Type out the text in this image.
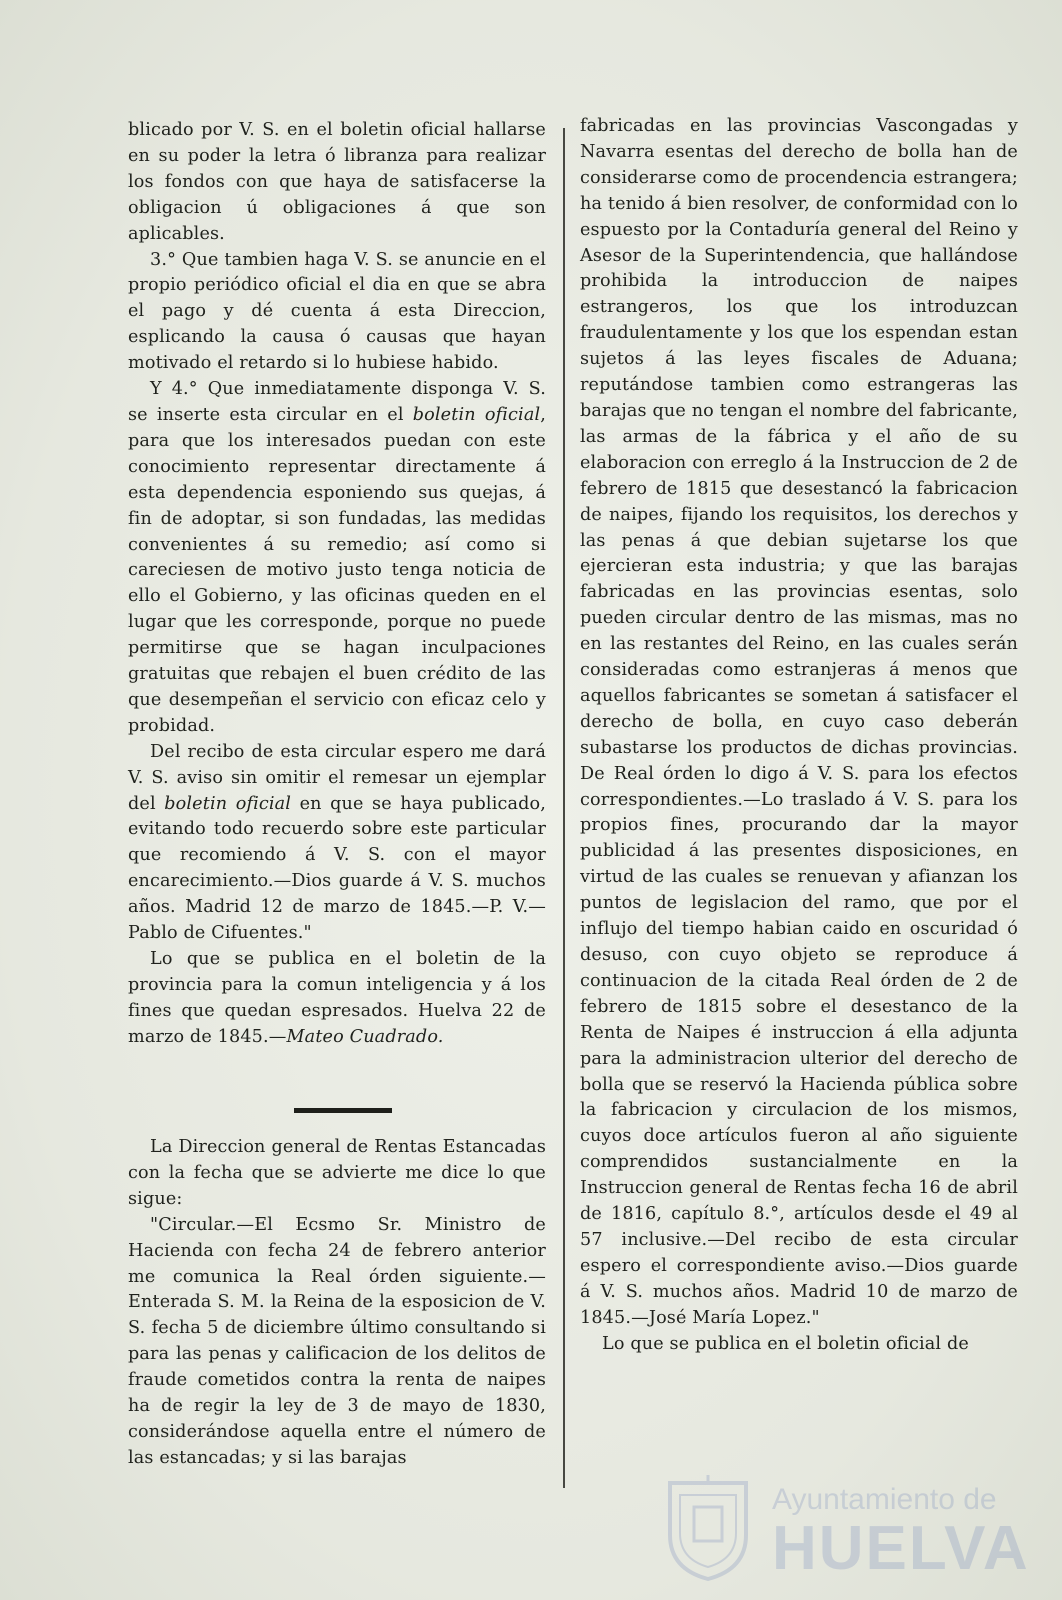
blicado por V. S. en el boletin oficial hallarse en su poder la letra ó libranza para realizar los fondos con que haya de satisfacerse la obligacion ú obligaciones á que son aplicables.

3.° Que tambien haga V. S. se anuncie en el propio periódico oficial el dia en que se abra el pago y dé cuenta á esta Direccion, esplicando la causa ó causas que hayan motivado el retardo si lo hubiese habido.

Y 4.° Que inmediatamente disponga V. S. se inserte esta circular en el boletin oficial, para que los interesados puedan con este conocimiento representar directamente á esta dependencia esponiendo sus quejas, á fin de adoptar, si son fundadas, las medidas convenientes á su remedio; así como si careciesen de motivo justo tenga noticia de ello el Gobierno, y las oficinas queden en el lugar que les corresponde, porque no puede permitirse que se hagan inculpaciones gratuitas que rebajen el buen crédito de las que desempeñan el servicio con eficaz celo y probidad.

Del recibo de esta circular espero me dará V. S. aviso sin omitir el remesar un ejemplar del boletin oficial en que se haya publicado, evitando todo recuerdo sobre este particular que recomiendo á V. S. con el mayor encarecimiento.—Dios guarde á V. S. muchos años. Madrid 12 de marzo de 1845.—P. V.—Pablo de Cifuentes."

Lo que se publica en el boletin de la provincia para la comun inteligencia y á los fines que quedan espresados. Huelva 22 de marzo de 1845.—Mateo Cuadrado.

La Direccion general de Rentas Estancadas con la fecha que se advierte me dice lo que sigue:

"Circular.—El Ecsmo Sr. Ministro de Hacienda con fecha 24 de febrero anterior me comunica la Real órden siguiente.—Enterada S. M. la Reina de la esposicion de V. S. fecha 5 de diciembre último consultando si para las penas y calificacion de los delitos de fraude cometidos contra la renta de naipes ha de regir la ley de 3 de mayo de 1830, considerándose aquella entre el número de las estancadas; y si las barajas

fabricadas en las provincias Vascongadas y Navarra esentas del derecho de bolla han de considerarse como de procendencia estrangera; ha tenido á bien resolver, de conformidad con lo espuesto por la Contaduría general del Reino y Asesor de la Superintendencia, que hallándose prohibida la introduccion de naipes estrangeros, los que los introduzcan fraudulentamente y los que los espendan estan sujetos á las leyes fiscales de Aduana; reputándose tambien como estrangeras las barajas que no tengan el nombre del fabricante, las armas de la fábrica y el año de su elaboracion con erreglo á la Instruccion de 2 de febrero de 1815 que desestancó la fabricacion de naipes, fijando los requisitos, los derechos y las penas á que debian sujetarse los que ejercieran esta industria; y que las barajas fabricadas en las provincias esentas, solo pueden circular dentro de las mismas, mas no en las restantes del Reino, en las cuales serán consideradas como estranjeras á menos que aquellos fabricantes se sometan á satisfacer el derecho de bolla, en cuyo caso deberán subastarse los productos de dichas provincias. De Real órden lo digo á V. S. para los efectos correspondientes.—Lo traslado á V. S. para los propios fines, procurando dar la mayor publicidad á las presentes disposiciones, en virtud de las cuales se renuevan y afianzan los puntos de legislacion del ramo, que por el influjo del tiempo habian caido en oscuridad ó desuso, con cuyo objeto se reproduce á continuacion de la citada Real órden de 2 de febrero de 1815 sobre el desestanco de la Renta de Naipes é instruccion á ella adjunta para la administracion ulterior del derecho de bolla que se reservó la Hacienda pública sobre la fabricacion y circulacion de los mismos, cuyos doce artículos fueron al año siguiente comprendidos sustancialmente en la Instruccion general de Rentas fecha 16 de abril de 1816, capítulo 8.°, artículos desde el 49 al 57 inclusive.—Del recibo de esta circular espero el correspondiente aviso.—Dios guarde á V. S. muchos años. Madrid 10 de marzo de 1845.—José María Lopez."

Lo que se publica en el boletin oficial de

Ayuntamiento de
HUELVA
